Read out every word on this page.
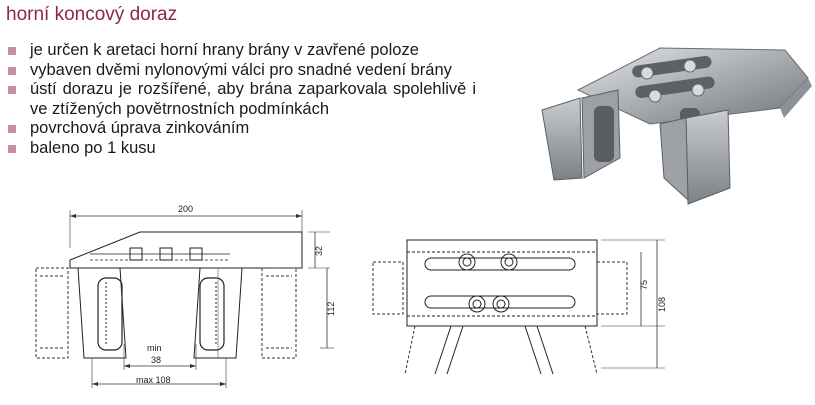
horní koncový doraz
je určen k aretaci horní hrany brány v zavřené poloze
vybaven dvěmi nylonovými válci pro snadné vedení brány
ústí dorazu je rozšířené, aby brána zaparkovala spolehlivě i ve ztížených povětrnostních podmínkách
povrchová úprava zinkováním
baleno po 1 kusu
200
32
112
min
38
max 108
75
108
